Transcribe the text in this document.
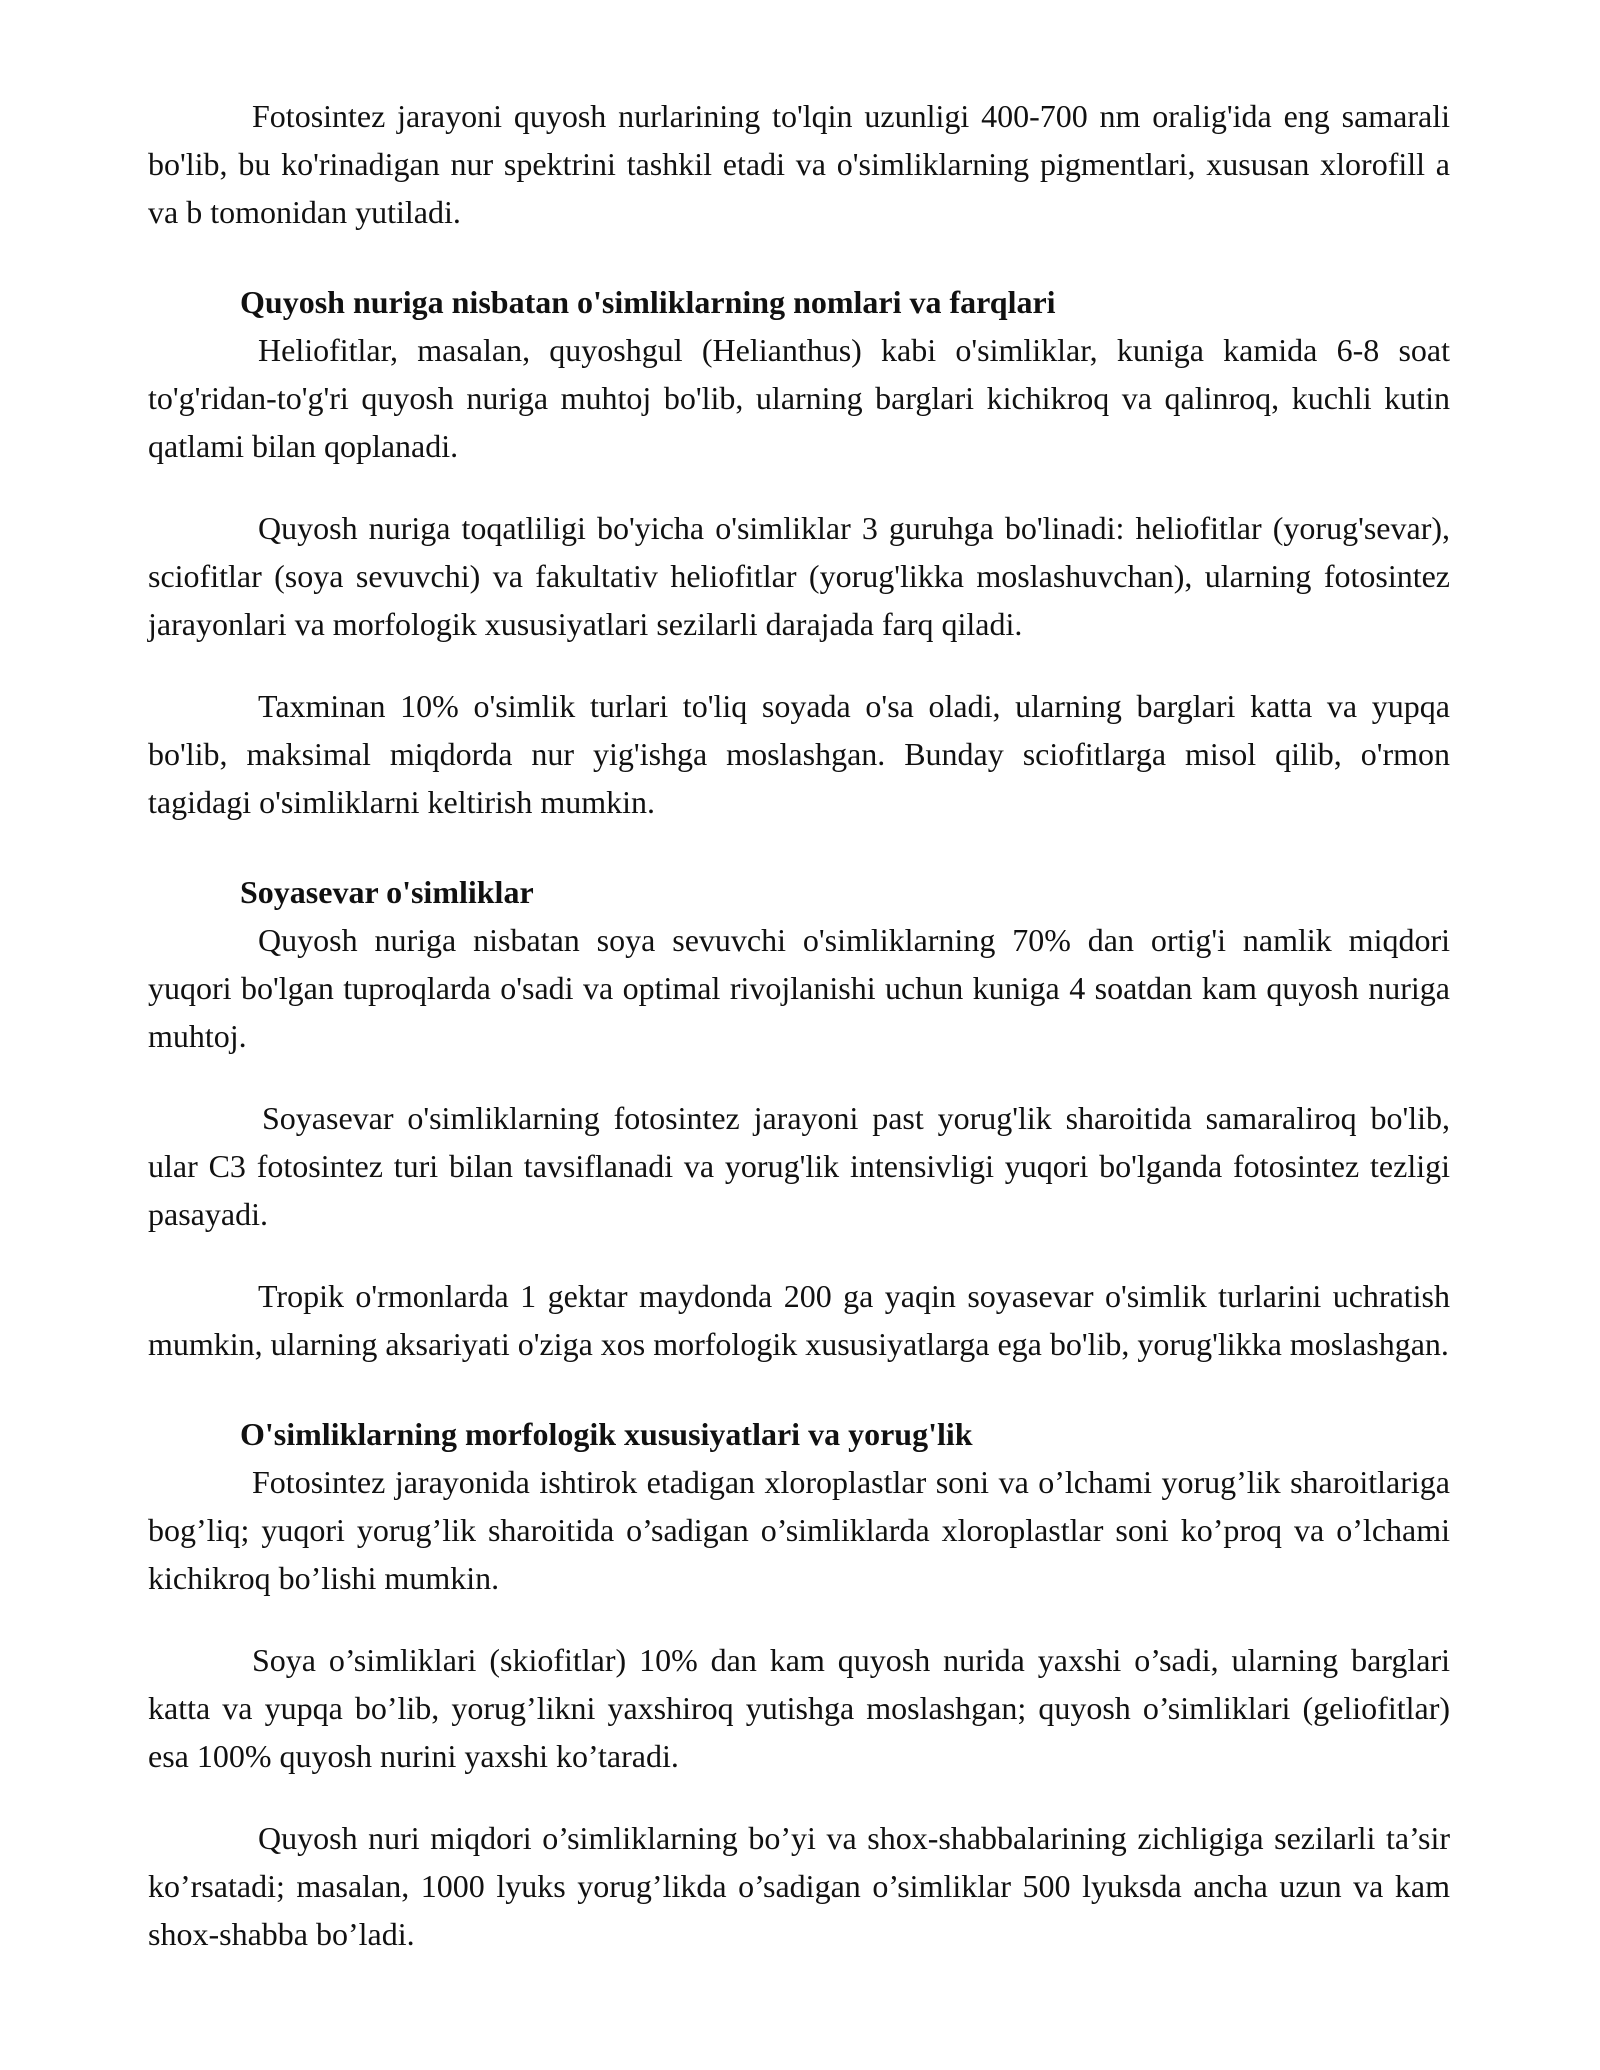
Fotosintez jarayoni quyosh nurlarining to'lqin uzunligi 400-700 nm oralig'ida eng samarali bo'lib, bu ko'rinadigan nur spektrini tashkil etadi va o'simliklarning pigmentlari, xususan xlorofill a va b tomonidan yutiladi.

Quyosh nuriga nisbatan o'simliklarning nomlari va farqlari

Heliofitlar, masalan, quyoshgul (Helianthus) kabi o'simliklar, kuniga kamida 6-8 soat to'g'ridan-to'g'ri quyosh nuriga muhtoj bo'lib, ularning barglari kichikroq va qalinroq, kuchli kutin qatlami bilan qoplanadi.

Quyosh nuriga toqatliligi bo'yicha o'simliklar 3 guruhga bo'linadi: heliofitlar (yorug'sevar), sciofitlar (soya sevuvchi) va fakultativ heliofitlar (yorug'likka moslashuvchan), ularning fotosintez jarayonlari va morfologik xususiyatlari sezilarli darajada farq qiladi.

Taxminan 10% o'simlik turlari to'liq soyada o'sa oladi, ularning barglari katta va yupqa bo'lib, maksimal miqdorda nur yig'ishga moslashgan. Bunday sciofitlarga misol qilib, o'rmon tagidagi o'simliklarni keltirish mumkin.

Soyasevar o'simliklar

Quyosh nuriga nisbatan soya sevuvchi o'simliklarning 70% dan ortig'i namlik miqdori yuqori bo'lgan tuproqlarda o'sadi va optimal rivojlanishi uchun kuniga 4 soatdan kam quyosh nuriga muhtoj.

Soyasevar o'simliklarning fotosintez jarayoni past yorug'lik sharoitida samaraliroq bo'lib, ular C3 fotosintez turi bilan tavsiflanadi va yorug'lik intensivligi yuqori bo'lganda fotosintez tezligi pasayadi.

Tropik o'rmonlarda 1 gektar maydonda 200 ga yaqin soyasevar o'simlik turlarini uchratish mumkin, ularning aksariyati o'ziga xos morfologik xususiyatlarga ega bo'lib, yorug'likka moslashgan.

O'simliklarning morfologik xususiyatlari va yorug'lik

Fotosintez jarayonida ishtirok etadigan xloroplastlar soni va o’lchami yorug’lik sharoitlariga bog’liq; yuqori yorug’lik sharoitida o’sadigan o’simliklarda xloroplastlar soni ko’proq va o’lchami kichikroq bo’lishi mumkin.

Soya o’simliklari (skiofitlar) 10% dan kam quyosh nurida yaxshi o’sadi, ularning barglari katta va yupqa bo’lib, yorug’likni yaxshiroq yutishga moslashgan; quyosh o’simliklari (geliofitlar) esa 100% quyosh nurini yaxshi ko’taradi.

Quyosh nuri miqdori o’simliklarning bo’yi va shox-shabbalarining zichligiga sezilarli ta’sir ko’rsatadi; masalan, 1000 lyuks yorug’likda o’sadigan o’simliklar 500 lyuksda ancha uzun va kam shox-shabba bo’ladi.
